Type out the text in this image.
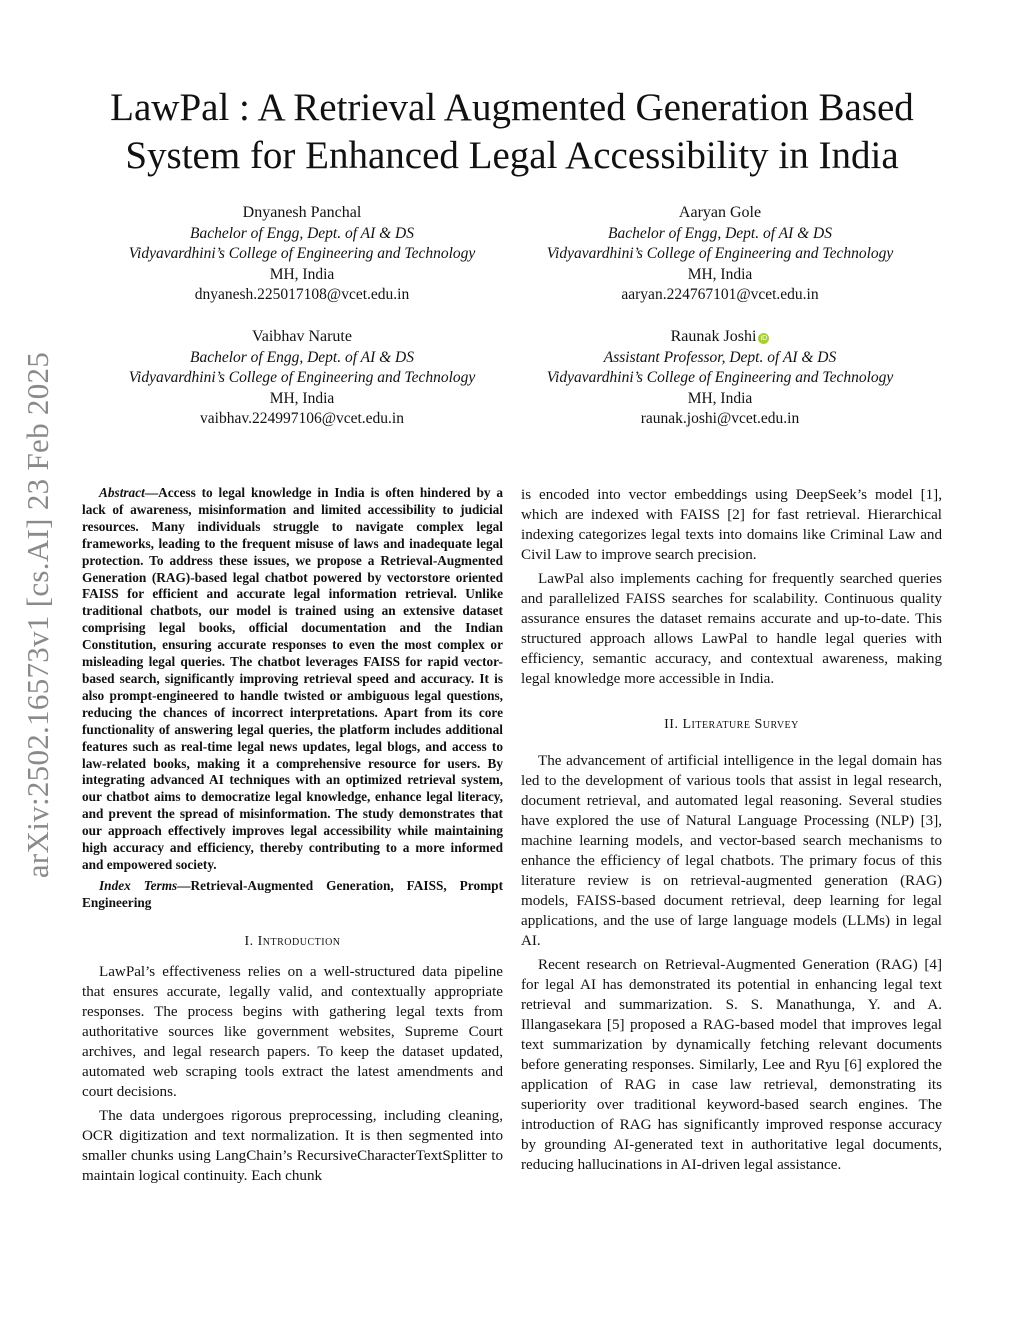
arXiv:2502.16573v1 [cs.AI] 23 Feb 2025
LawPal : A Retrieval Augmented Generation Based System for Enhanced Legal Accessibility in India
Dnyanesh Panchal
Bachelor of Engg, Dept. of AI & DS
Vidyavardhini’s College of Engineering and Technology
MH, India
dnyanesh.225017108@vcet.edu.in
Aaryan Gole
Bachelor of Engg, Dept. of AI & DS
Vidyavardhini’s College of Engineering and Technology
MH, India
aaryan.224767101@vcet.edu.in
Vaibhav Narute
Bachelor of Engg, Dept. of AI & DS
Vidyavardhini’s College of Engineering and Technology
MH, India
vaibhav.224997106@vcet.edu.in
Raunak Joshi iD
Assistant Professor, Dept. of AI & DS
Vidyavardhini’s College of Engineering and Technology
MH, India
raunak.joshi@vcet.edu.in

Abstract—Access to legal knowledge in India is often hindered by a lack of awareness, misinformation and limited accessibility to judicial resources. Many individuals struggle to navigate complex legal frameworks, leading to the frequent misuse of laws and inadequate legal protection. To address these issues, we propose a Retrieval-Augmented Generation (RAG)-based legal chatbot powered by vectorstore oriented FAISS for efficient and accurate legal information retrieval. Unlike traditional chatbots, our model is trained using an extensive dataset comprising legal books, official documentation and the Indian Constitution, ensuring accurate responses to even the most complex or misleading legal queries. The chatbot leverages FAISS for rapid vector-based search, significantly improving retrieval speed and accuracy. It is also prompt-engineered to handle twisted or ambiguous legal questions, reducing the chances of incorrect interpretations. Apart from its core functionality of answering legal queries, the platform includes additional features such as real-time legal news updates, legal blogs, and access to law-related books, making it a comprehensive resource for users. By integrating advanced AI techniques with an optimized retrieval system, our chatbot aims to democratize legal knowledge, enhance legal literacy, and prevent the spread of misinformation. The study demonstrates that our approach effectively improves legal accessibility while maintaining high accuracy and efficiency, thereby contributing to a more informed and empowered society.

Index Terms—Retrieval-Augmented Generation, FAISS, Prompt Engineering

I. Introduction

LawPal’s effectiveness relies on a well-structured data pipeline that ensures accurate, legally valid, and contextually appropriate responses. The process begins with gathering legal texts from authoritative sources like government websites, Supreme Court archives, and legal research papers. To keep the dataset updated, automated web scraping tools extract the latest amendments and court decisions.

The data undergoes rigorous preprocessing, including cleaning, OCR digitization and text normalization. It is then segmented into smaller chunks using LangChain’s RecursiveCharacterTextSplitter to maintain logical continuity. Each chunk

is encoded into vector embeddings using DeepSeek’s model [1], which are indexed with FAISS [2] for fast retrieval. Hierarchical indexing categorizes legal texts into domains like Criminal Law and Civil Law to improve search precision.

LawPal also implements caching for frequently searched queries and parallelized FAISS searches for scalability. Continuous quality assurance ensures the dataset remains accurate and up-to-date. This structured approach allows LawPal to handle legal queries with efficiency, semantic accuracy, and contextual awareness, making legal knowledge more accessible in India.

II. Literature Survey

The advancement of artificial intelligence in the legal domain has led to the development of various tools that assist in legal research, document retrieval, and automated legal reasoning. Several studies have explored the use of Natural Language Processing (NLP) [3], machine learning models, and vector-based search mechanisms to enhance the efficiency of legal chatbots. The primary focus of this literature review is on retrieval-augmented generation (RAG) models, FAISS-based document retrieval, deep learning for legal applications, and the use of large language models (LLMs) in legal AI.

Recent research on Retrieval-Augmented Generation (RAG) [4] for legal AI has demonstrated its potential in enhancing legal text retrieval and summarization. S. S. Manathunga, Y. and A. Illangasekara [5] proposed a RAG-based model that improves legal text summarization by dynamically fetching relevant documents before generating responses. Similarly, Lee and Ryu [6] explored the application of RAG in case law retrieval, demonstrating its superiority over traditional keyword-based search engines. The introduction of RAG has significantly improved response accuracy by grounding AI-generated text in authoritative legal documents, reducing hallucinations in AI-driven legal assistance.
